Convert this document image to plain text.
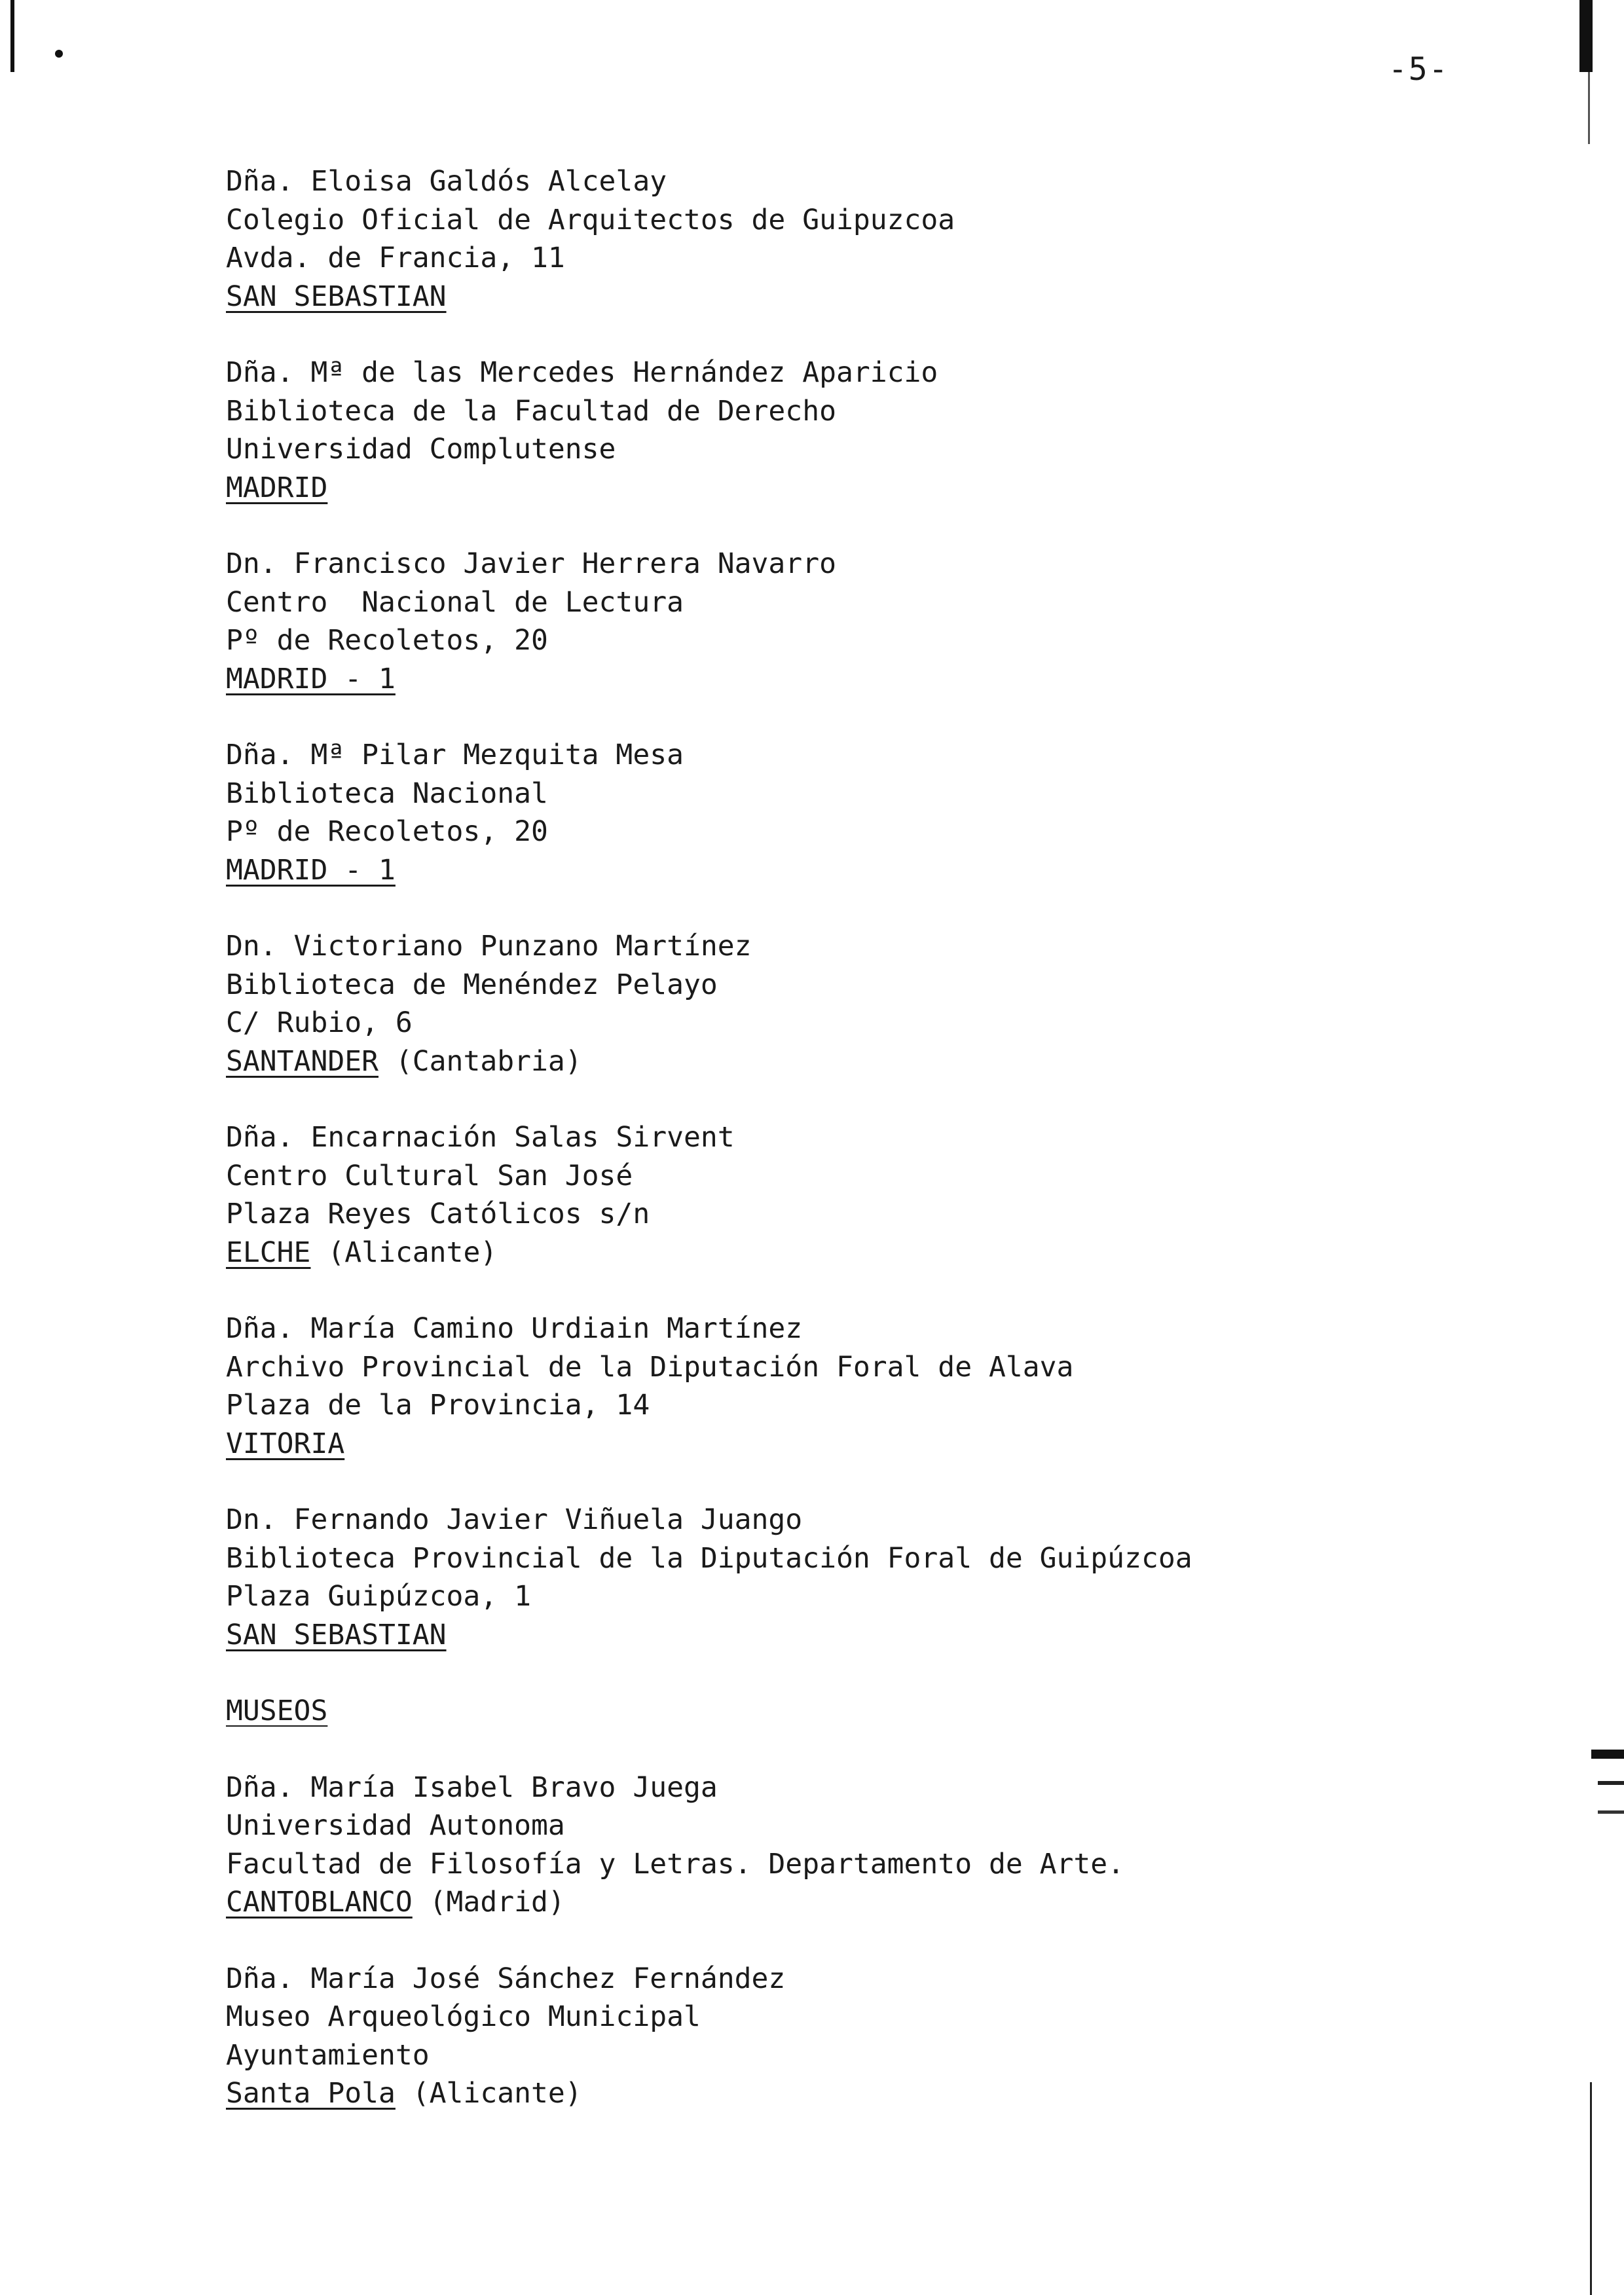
-5-
Dña. Eloisa Galdós Alcelay
Colegio Oficial de Arquitectos de Guipuzcoa
Avda. de Francia, 11
SAN SEBASTIAN
Dña. Mª de las Mercedes Hernández Aparicio
Biblioteca de la Facultad de Derecho
Universidad Complutense
MADRID
Dn. Francisco Javier Herrera Navarro
Centro  Nacional de Lectura
Pº de Recoletos, 20
MADRID - 1
Dña. Mª Pilar Mezquita Mesa
Biblioteca Nacional
Pº de Recoletos, 20
MADRID - 1
Dn. Victoriano Punzano Martínez
Biblioteca de Menéndez Pelayo
C/ Rubio, 6
SANTANDER (Cantabria)
Dña. Encarnación Salas Sirvent
Centro Cultural San José
Plaza Reyes Católicos s/n
ELCHE (Alicante)
Dña. María Camino Urdiain Martínez
Archivo Provincial de la Diputación Foral de Alava
Plaza de la Provincia, 14
VITORIA
Dn. Fernando Javier Viñuela Juango
Biblioteca Provincial de la Diputación Foral de Guipúzcoa
Plaza Guipúzcoa, 1
SAN SEBASTIAN
MUSEOS
Dña. María Isabel Bravo Juega
Universidad Autonoma
Facultad de Filosofía y Letras. Departamento de Arte.
CANTOBLANCO (Madrid)
Dña. María José Sánchez Fernández
Museo Arqueológico Municipal
Ayuntamiento
Santa Pola (Alicante)
